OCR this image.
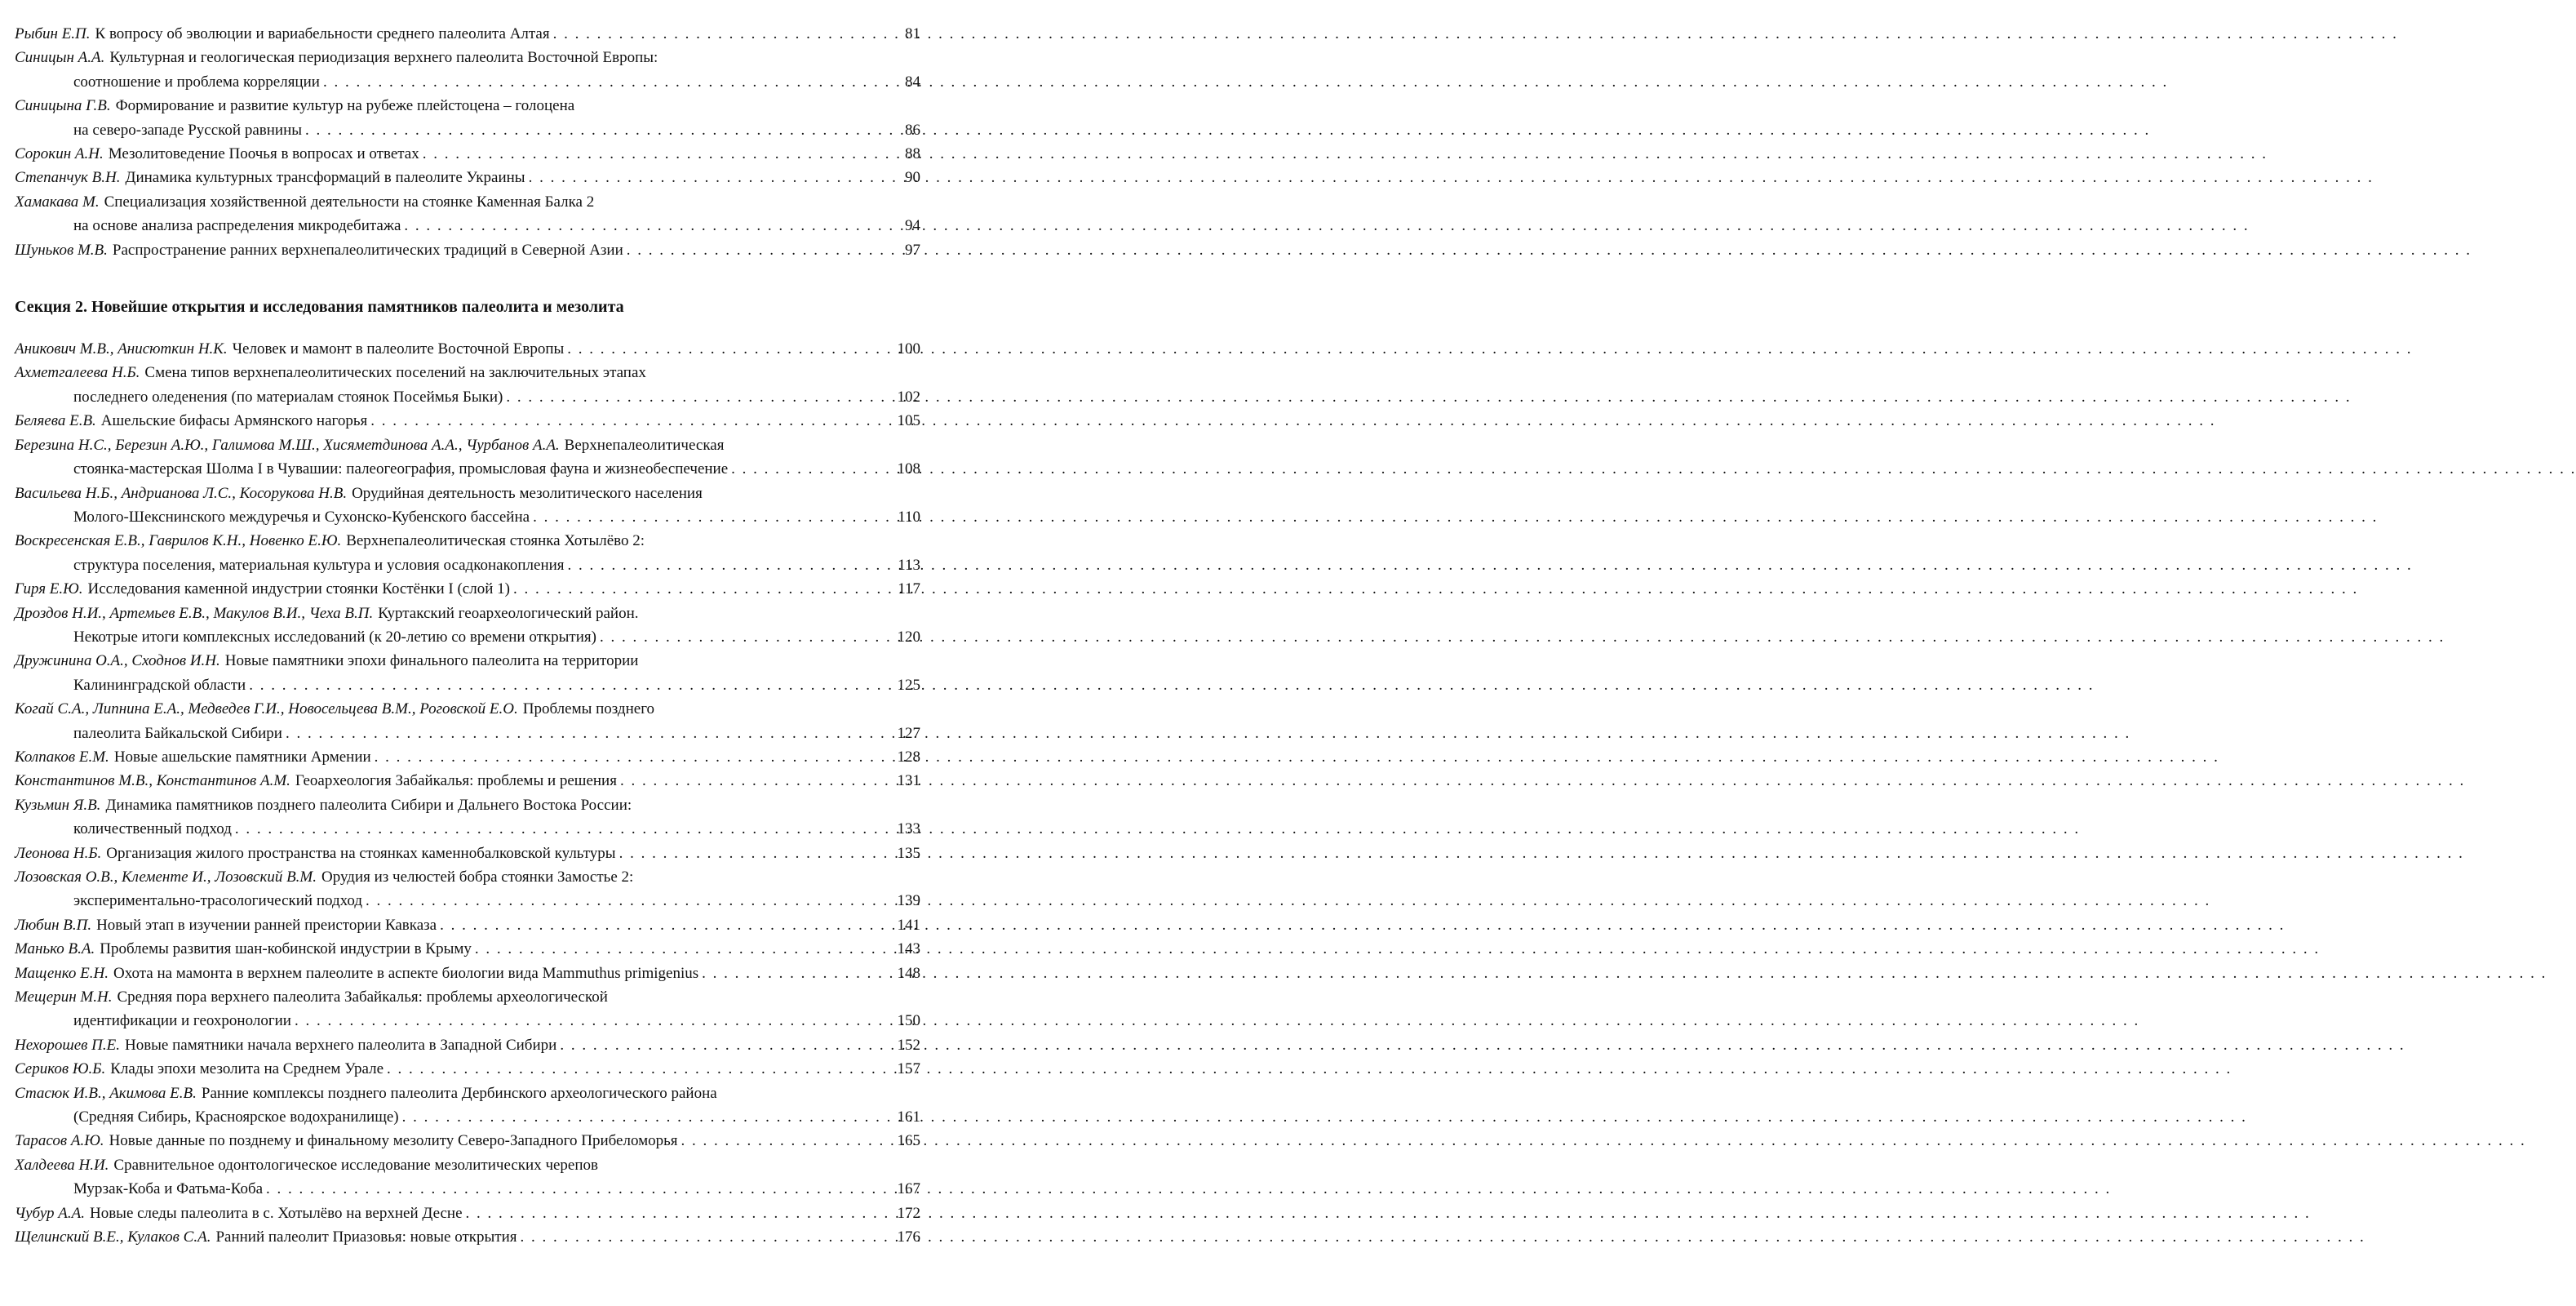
Рыбин Е.П. К вопросу об эволюции и вариабельности среднего палеолита Алтая . . .	81
Синицын А.А. Культурная и геологическая периодизация верхнего палеолита Восточной Европы:
соотношение и проблема корреляции . . .	84
Синицына Г.В. Формирование и развитие культур на рубеже плейстоцена – голоцена
на северо-западе Русской равнины . . .	86
Сорокин А.Н. Мезолитоведение Поочья в вопросах и ответах . . .	88
Степанчук В.Н. Динамика культурных трансформаций в палеолите Украины . . .	90
Хамакава М. Специализация хозяйственной деятельности на стоянке Каменная Балка 2
на основе анализа распределения микродебитажа . . .	94
Шуньков М.В. Распространение ранних верхнепалеолитических традиций в Северной Азии . . .	97
Секция 2. Новейшие открытия и исследования памятников палеолита и мезолита
Аникович М.В., Анисюткин Н.К. Человек и мамонт в палеолите Восточной Европы . . .	100
Ахметгалеева Н.Б. Смена типов верхнепалеолитических поселений на заключительных этапах
последнего оледенения (по материалам стоянок Посеймья Быки) . . .	102
Беляева Е.В. Ашельские бифасы Армянского нагорья . . .	105
Березина Н.С., Березин А.Ю., Галимова М.Ш., Хисяметдинова А.А., Чурбанов А.А. Верхнепалеолитическая
стоянка-мастерская Шолма I в Чувашии: палеогеография, промысловая фауна и жизнеобеспечение . . .	108
Васильева Н.Б., Андрианова Л.С., Косорукова Н.В. Орудийная деятельность мезолитического населения
Молого-Шекснинского междуречья и Сухонско-Кубенского бассейна . . .	110
Воскресенская Е.В., Гаврилов К.Н., Новенко Е.Ю. Верхнепалеолитическая стоянка Хотылёво 2:
структура поселения, материальная культура и условия осадконакопления . . .	113
Гиря Е.Ю. Исследования каменной индустрии стоянки Костёнки I (слой 1) . . .	117
Дроздов Н.И., Артемьев Е.В., Макулов В.И., Чеха В.П. Куртакский геоархеологический район.
Некотрые итоги комплексных исследований (к 20-летию со времени открытия) . . .	120
Дружинина О.А., Сходнов И.Н. Новые памятники эпохи финального палеолита на территории
Калининградской области . . .	125
Когай С.А., Липнина Е.А., Медведев Г.И., Новосельцева В.М., Роговской Е.О. Проблемы позднего
палеолита Байкальской Сибири . . .	127
Колпаков Е.М. Новые ашельские памятники Армении . . .	128
Константинов М.В., Константинов А.М. Геоархеология Забайкалья: проблемы и решения . . .	131
Кузьмин Я.В. Динамика памятников позднего палеолита Сибири и Дальнего Востока России:
количественный подход . . .	133
Леонова Н.Б. Организация жилого пространства на стоянках каменнобалковской культуры . . .	135
Лозовская О.В., Клементе И., Лозовский В.М. Орудия из челюстей бобра стоянки Замостье 2:
экспериментально-трасологический подход . . .	139
Любин В.П. Новый этап в изучении ранней преистории Кавказа . . .	141
Манько В.А. Проблемы развития шан-кобинской индустрии в Крыму . . .	143
Мащенко Е.Н. Охота на мамонта в верхнем палеолите в аспекте биологии вида Mammuthus primigenius . . .	148
Мещерин М.Н. Средняя пора верхнего палеолита Забайкалья: проблемы археологической
идентификации и геохронологии . . .	150
Нехорошев П.Е. Новые памятники начала верхнего палеолита в Западной Сибири . . .	152
Сериков Ю.Б. Клады эпохи мезолита на Среднем Урале . . .	157
Стасюк И.В., Акимова Е.В. Ранние комплексы позднего палеолита Дербинского археологического района
(Средняя Сибирь, Красноярское водохранилище) . . .	161
Тарасов А.Ю. Новые данные по позднему и финальному мезолиту Северо-Западного Прибеломорья . . .	165
Халдеева Н.И. Сравнительное одонтологическое исследование мезолитических черепов
Мурзак-Коба и Фатьма-Коба . . .	167
Чубур А.А. Новые следы палеолита в с. Хотылёво на верхней Десне . . .	172
Щелинский В.Е., Кулаков С.А. Ранний палеолит Приазовья: новые открытия . . .	176
